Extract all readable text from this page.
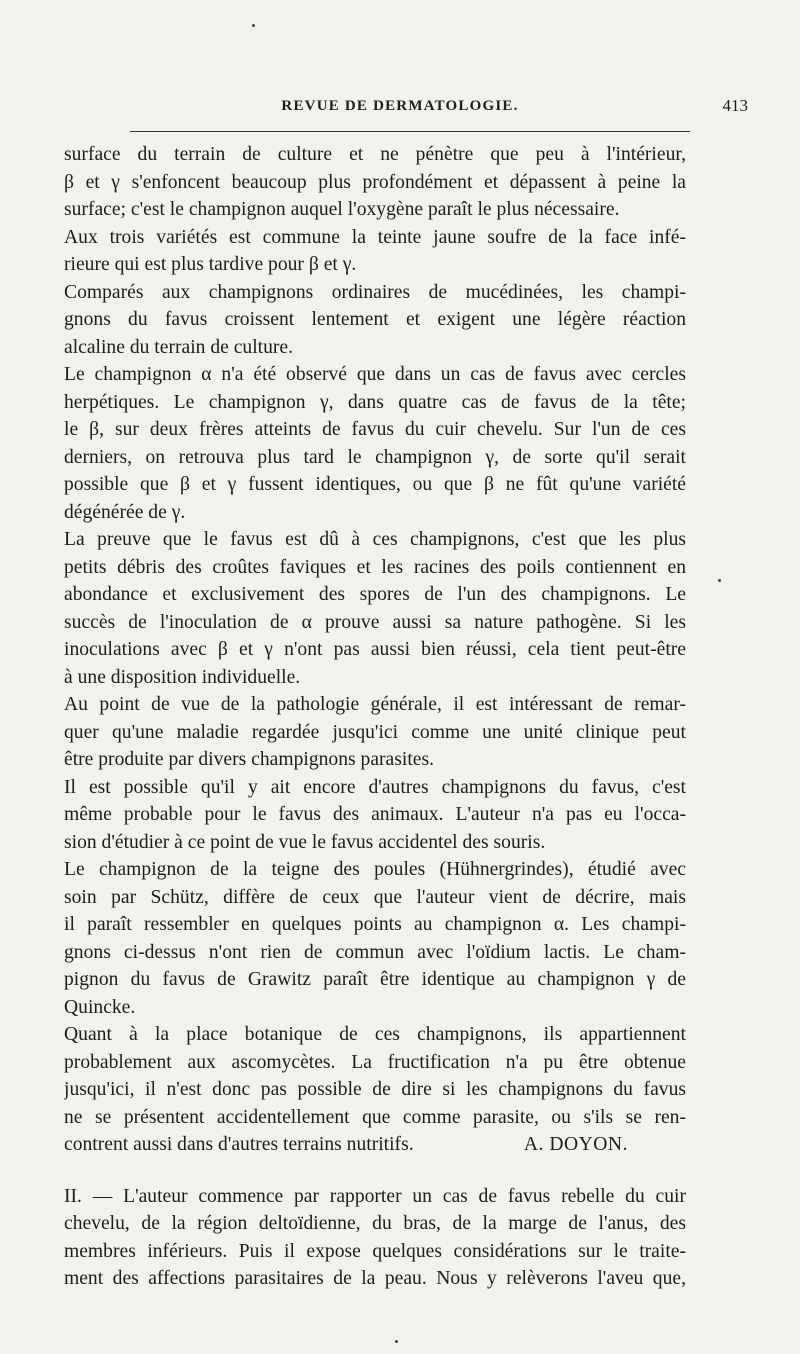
REVUE DE DERMATOLOGIE.	413
surface du terrain de culture et ne pénètre que peu à l'intérieur,
β et γ s'enfoncent beaucoup plus profondément et dépassent à peine la
surface; c'est le champignon auquel l'oxygène paraît le plus nécessaire.
Aux trois variétés est commune la teinte jaune soufre de la face infé-
rieure qui est plus tardive pour β et γ.
Comparés aux champignons ordinaires de mucédinées, les champi-
gnons du favus croissent lentement et exigent une légère réaction
alcaline du terrain de culture.
Le champignon α n'a été observé que dans un cas de favus avec cercles
herpétiques. Le champignon γ, dans quatre cas de favus de la tête;
le β, sur deux frères atteints de favus du cuir chevelu. Sur l'un de ces
derniers, on retrouva plus tard le champignon γ, de sorte qu'il serait
possible que β et γ fussent identiques, ou que β ne fût qu'une variété
dégénérée de γ.
La preuve que le favus est dû à ces champignons, c'est que les plus
petits débris des croûtes faviques et les racines des poils contiennent en
abondance et exclusivement des spores de l'un des champignons. Le
succès de l'inoculation de α prouve aussi sa nature pathogène. Si les
inoculations avec β et γ n'ont pas aussi bien réussi, cela tient peut-être
à une disposition individuelle.
Au point de vue de la pathologie générale, il est intéressant de remar-
quer qu'une maladie regardée jusqu'ici comme une unité clinique peut
être produite par divers champignons parasites.
Il est possible qu'il y ait encore d'autres champignons du favus, c'est
même probable pour le favus des animaux. L'auteur n'a pas eu l'occa-
sion d'étudier à ce point de vue le favus accidentel des souris.
Le champignon de la teigne des poules (Hühnergrindes), étudié avec
soin par Schütz, diffère de ceux que l'auteur vient de décrire, mais
il paraît ressembler en quelques points au champignon α. Les champi-
gnons ci-dessus n'ont rien de commun avec l'oïdium lactis. Le cham-
pignon du favus de Grawitz paraît être identique au champignon γ de
Quincke.
Quant à la place botanique de ces champignons, ils appartiennent
probablement aux ascomycètes. La fructification n'a pu être obtenue
jusqu'ici, il n'est donc pas possible de dire si les champignons du favus
ne se présentent accidentellement que comme parasite, ou s'ils se ren-
contrent aussi dans d'autres terrains nutritifs.	A. DOYON.
II. — L'auteur commence par rapporter un cas de favus rebelle du cuir
chevelu, de la région deltoïdienne, du bras, de la marge de l'anus, des
membres inférieurs. Puis il expose quelques considérations sur le traite-
ment des affections parasitaires de la peau. Nous y relèverons l'aveu que,
